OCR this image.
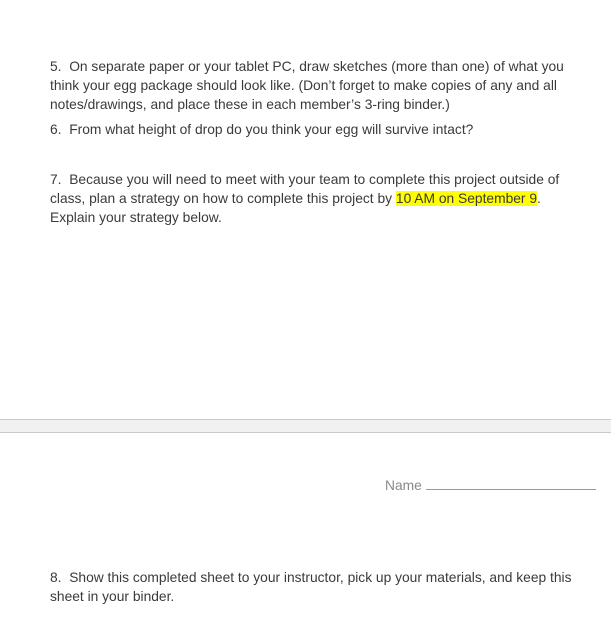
5. On separate paper or your tablet PC, draw sketches (more than one) of what you think your egg package should look like. (Don’t forget to make copies of any and all notes/drawings, and place these in each member’s 3-ring binder.)

6. From what height of drop do you think your egg will survive intact?

7. Because you will need to meet with your team to complete this project outside of class, plan a strategy on how to complete this project by 10 AM on September 9. Explain your strategy below.

Name

8. Show this completed sheet to your instructor, pick up your materials, and keep this sheet in your binder.
